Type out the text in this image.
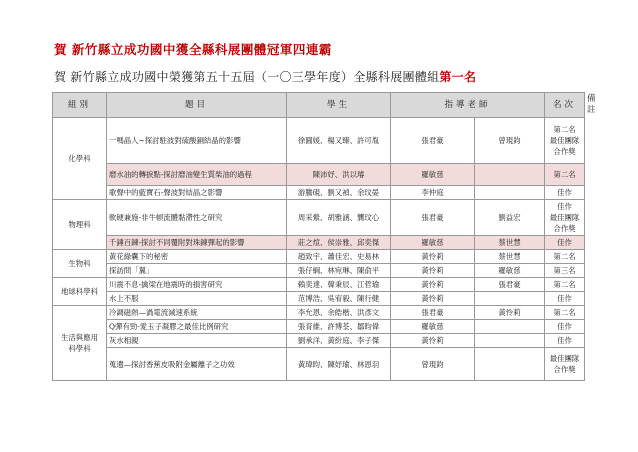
賀 新竹縣立成功國中獲全縣科展團體冠軍四連霸
賀 新竹縣立成功國中榮獲第五十五屆（一〇三學年度）全縣科展團體組第一名
組別	題目	學生	指導老師		名次	備註
化學科	一嗎晶人~探討駐波對硫酸銅結晶的影響	徐圓媛、楊又臻、許可胤	張君豪	曾現鈞	第二名
最佳團隊
合作獎	
	磨水油的轉捩點-探討磨油變生質柴油的過程	陳沛妤、洪以璿	羅敏慈		第二名	
	歌聲中的藍寶石-聲波對結晶之影響	游騰硯、劉又禎、余玟晏	李仲庭		佳作	
物理科	軟硬兼施-非牛頓流體黏滯性之研究	周采縈、胡雅涵、龔玟心	張君豪	劉益宏	佳作
最佳團隊
合作獎	
	千錘百鍊-探討不同覆附對珠鍊彈起的影響	莊之煊、侯崇雅、邱奕傑	羅敏慈	蔡世慧	佳作	
生物科	黃花綠囊下的秘密	趙致宇、蕭佳宏、史易林	黃怜莉	蔡世慧	第二名	
	探訪問「翼」	張仔綱、林宛琳、陳俞平	黃怜莉	羅敏慈	第三名	
地球科學科	川震不息-擒梁在地震時的損害研究	賴奕達、韓秉辰、江哲瑜	黃怜莉	張君豪	第二名	
	水上不服	范博浩、吳宥毅、陳行健	黃怜莉		佳作	
生活與應用
科學科	冷調磁熱—渦電流減速系統	李允恩、余皓楷、洪彥文	張君豪	黃怜莉	第二名	
	Q彈有勁-愛玉子凝膠之最佳比例研究	張育維、許博荃、鄒昀偉	羅敏慈		佳作	
	灰水相親	劉承洋、黃紛庭、李子傑	黃怜莉		佳作	
	蒐遺—探討香蕉皮吸附金屬離子之功效	黃瑋昀、陳妤瑜、林恩羽	曾現鈞		最佳團隊
合作獎	
